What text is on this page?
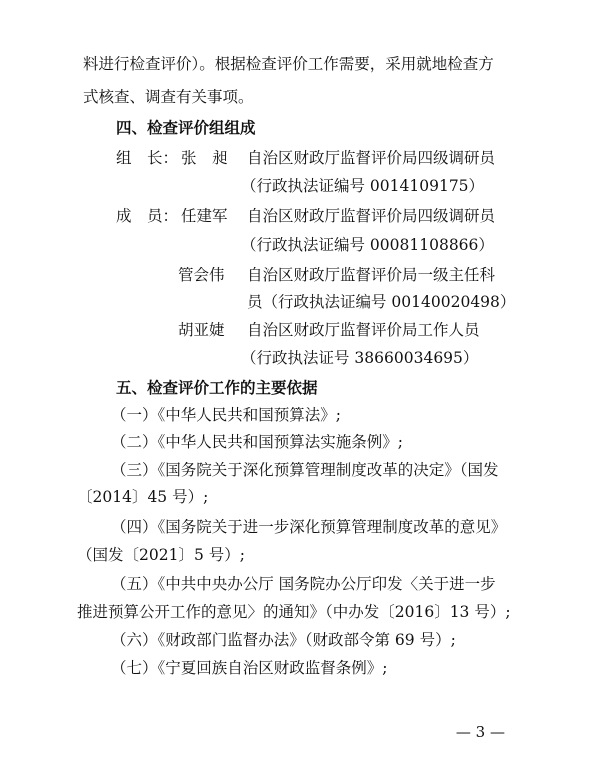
料进行检查评价）。根据检查评价工作需要，采用就地检查方
式核查、调查有关事项。
四、检查评价组组成
组　长： 张　昶 自治区财政厅监督评价局四级调研员
（行政执法证编号 0014109175）
成　员： 任建军 自治区财政厅监督评价局四级调研员
（行政执法证编号 00081108866）
管会伟 自治区财政厅监督评价局一级主任科
员（行政执法证编号 00140020498）
胡亚婕 自治区财政厅监督评价局工作人员
（行政执法证号 38660034695）
五、检查评价工作的主要依据
（一）《中华人民共和国预算法》;
（二）《中华人民共和国预算法实施条例》;
（三）《国务院关于深化预算管理制度改革的决定》（国发
〔2014〕45 号）;
（四）《国务院关于进一步深化预算管理制度改革的意见》
（国发〔2021〕5 号）;
（五）《中共中央办公厅 国务院办公厅印发〈关于进一步
推进预算公开工作的意见〉的通知》（中办发〔2016〕13 号）;
（六）《财政部门监督办法》（财政部令第 69 号）;
（七）《宁夏回族自治区财政监督条例》;
— 3 —
